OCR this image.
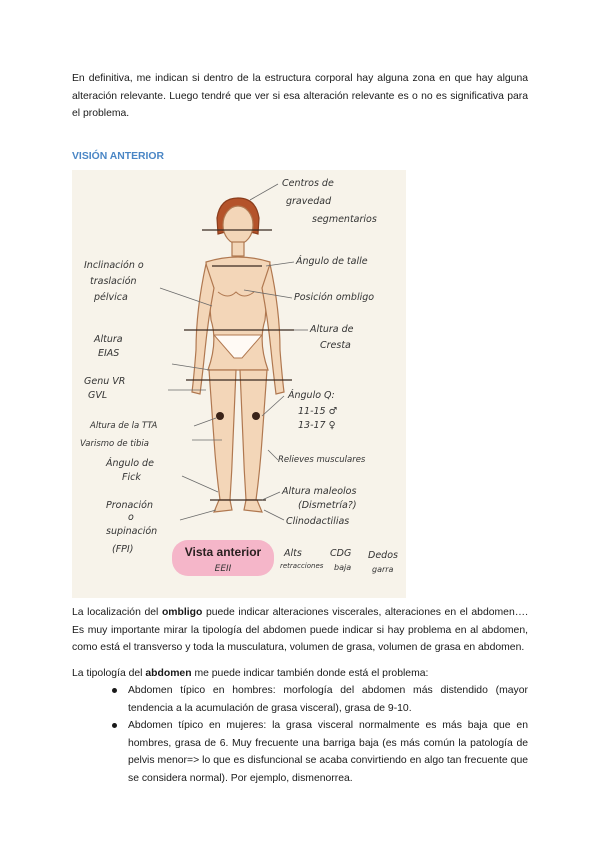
En definitiva, me indican si dentro de la estructura corporal hay alguna zona en que hay alguna alteración relevante. Luego tendré que ver si esa alteración relevante es o no es significativa para el problema.

VISIÓN ANTERIOR
Inclinación o
traslación
pélvica
Altura
EIAS
Genu VR
GVL
Altura de la TTA
Varismo de tibia
Ángulo de
Fick
Pronación
o
supinación
(FPI)
Centros de
gravedad
segmentarios
Ángulo de talle
Posición ombligo
Altura de
Cresta
Ángulo Q:
11-15 ♂
13-17 ♀
Relieves musculares
Altura maleolos
(Dismetría?)
Clinodactilias
Alts
retracciones
CDG
baja
Dedos
garra
Vista anterior
EEII

La localización del ombligo puede indicar alteraciones viscerales, alteraciones en el abdomen…. Es muy importante mirar la tipología del abdomen puede indicar si hay problema en al abdomen, como está el transverso y toda la musculatura, volumen de grasa, volumen de grasa en abdomen.

La tipología del abdomen me puede indicar también donde está el problema:

Abdomen típico en hombres: morfología del abdomen más distendido (mayor tendencia a la acumulación de grasa visceral), grasa de 9-10.
Abdomen típico en mujeres: la grasa visceral normalmente es más baja que en hombres, grasa de 6. Muy frecuente una barriga baja (es más común la patología de pelvis menor=> lo que es disfuncional se acaba convirtiendo en algo tan frecuente que se considera normal). Por ejemplo, dismenorrea.
